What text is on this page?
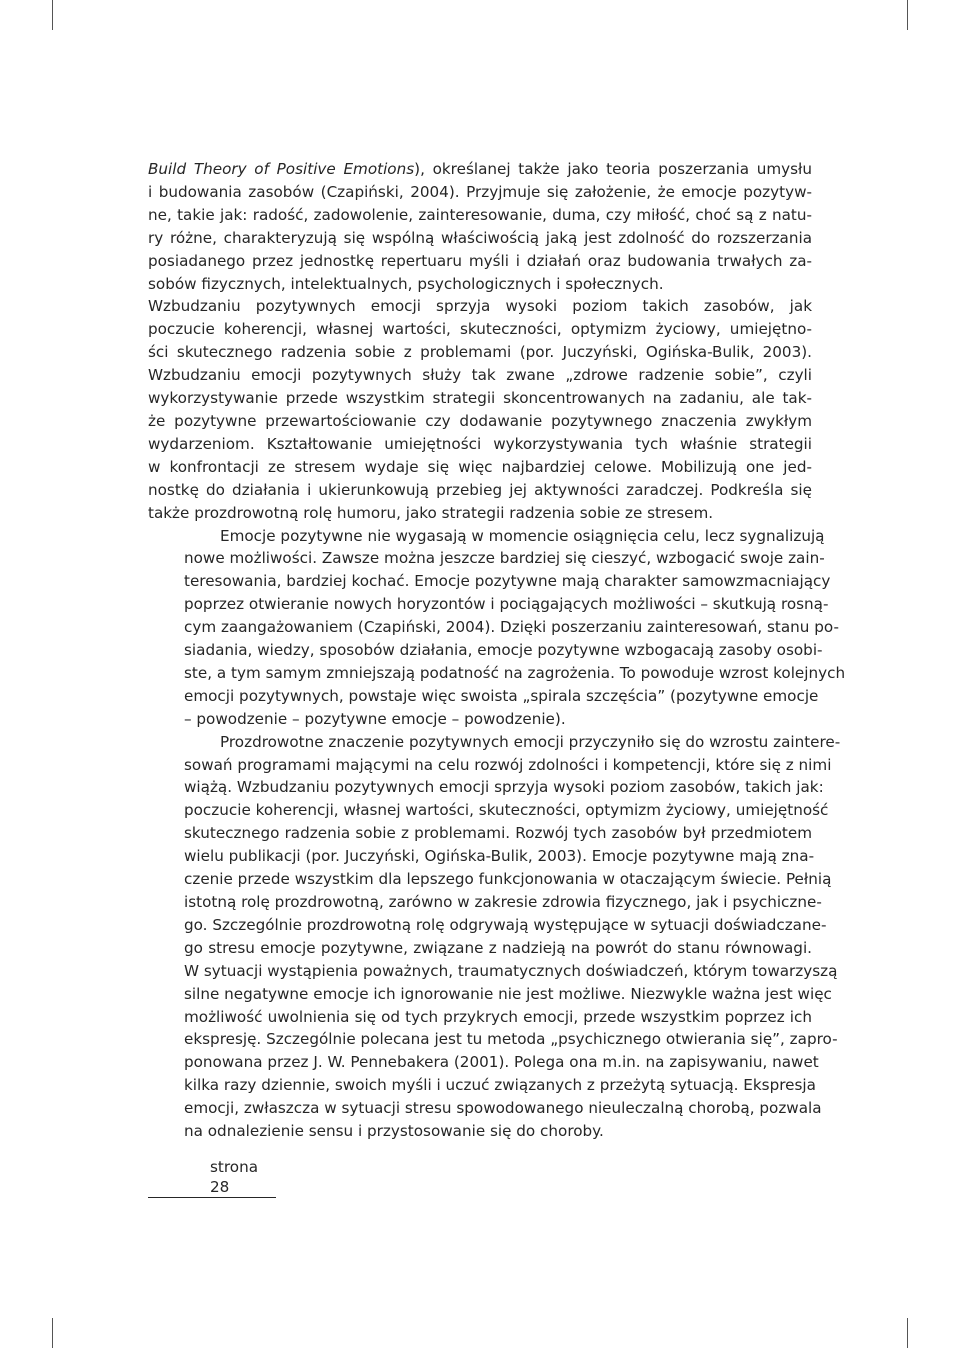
Build Theory of Positive Emotions), określanej także jako teoria poszerzania umysłu
i budowania zasobów (Czapiński, 2004). Przyjmuje się założenie, że emocje pozytyw-
ne, takie jak: radość, zadowolenie, zainteresowanie, duma, czy miłość, choć są z natu-
ry różne, charakteryzują się wspólną właściwością jaką jest zdolność do rozszerzania
posiadanego przez jednostkę repertuaru myśli i działań oraz budowania trwałych za-
sobów fizycznych, intelektualnych, psychologicznych i społecznych.

Wzbudzaniu pozytywnych emocji sprzyja wysoki poziom takich zasobów, jak
poczucie koherencji, własnej wartości, skuteczności, optymizm życiowy, umiejętno-
ści skutecznego radzenia sobie z problemami (por. Juczyński, Ogińska-Bulik, 2003).
Wzbudzaniu emocji pozytywnych służy tak zwane „zdrowe radzenie sobie”, czyli
wykorzystywanie przede wszystkim strategii skoncentrowanych na zadaniu, ale tak-
że pozytywne przewartościowanie czy dodawanie pozytywnego znaczenia zwykłym
wydarzeniom. Kształtowanie umiejętności wykorzystywania tych właśnie strategii
w konfrontacji ze stresem wydaje się więc najbardziej celowe. Mobilizują one jed-
nostkę do działania i ukierunkowują przebieg jej aktywności zaradczej. Podkreśla się
także prozdrowotną rolę humoru, jako strategii radzenia sobie ze stresem.

Emocje pozytywne nie wygasają w momencie osiągnięcia celu, lecz sygnalizują
nowe możliwości. Zawsze można jeszcze bardziej się cieszyć, wzbogacić swoje zain-
teresowania, bardziej kochać. Emocje pozytywne mają charakter samowzmacniający
poprzez otwieranie nowych horyzontów i pociągających możliwości – skutkują rosną-
cym zaangażowaniem (Czapiński, 2004). Dzięki poszerzaniu zainteresowań, stanu po-
siadania, wiedzy, sposobów działania, emocje pozytywne wzbogacają zasoby osobi-
ste, a tym samym zmniejszają podatność na zagrożenia. To powoduje wzrost kolejnych
emocji pozytywnych, powstaje więc swoista „spirala szczęścia” (pozytywne emocje
– powodzenie – pozytywne emocje – powodzenie).

Prozdrowotne znaczenie pozytywnych emocji przyczyniło się do wzrostu zaintere-
sowań programami mającymi na celu rozwój zdolności i kompetencji, które się z nimi
wiążą. Wzbudzaniu pozytywnych emocji sprzyja wysoki poziom zasobów, takich jak:
poczucie koherencji, własnej wartości, skuteczności, optymizm życiowy, umiejętność
skutecznego radzenia sobie z problemami. Rozwój tych zasobów był przedmiotem
wielu publikacji (por. Juczyński, Ogińska-Bulik, 2003). Emocje pozytywne mają zna-
czenie przede wszystkim dla lepszego funkcjonowania w otaczającym świecie. Pełnią
istotną rolę prozdrowotną, zarówno w zakresie zdrowia fizycznego, jak i psychiczne-
go. Szczególnie prozdrowotną rolę odgrywają występujące w sytuacji doświadczane-
go stresu emocje pozytywne, związane z nadzieją na powrót do stanu równowagi.
W sytuacji wystąpienia poważnych, traumatycznych doświadczeń, którym towarzyszą
silne negatywne emocje ich ignorowanie nie jest możliwe. Niezwykle ważna jest więc
możliwość uwolnienia się od tych przykrych emocji, przede wszystkim poprzez ich
ekspresję. Szczególnie polecana jest tu metoda „psychicznego otwierania się”, zapro-
ponowana przez J. W. Pennebakera (2001). Polega ona m.in. na zapisywaniu, nawet
kilka razy dziennie, swoich myśli i uczuć związanych z przeżytą sytuacją. Ekspresja
emocji, zwłaszcza w sytuacji stresu spowodowanego nieuleczalną chorobą, pozwala
na odnalezienie sensu i przystosowanie się do choroby.

strona 28
